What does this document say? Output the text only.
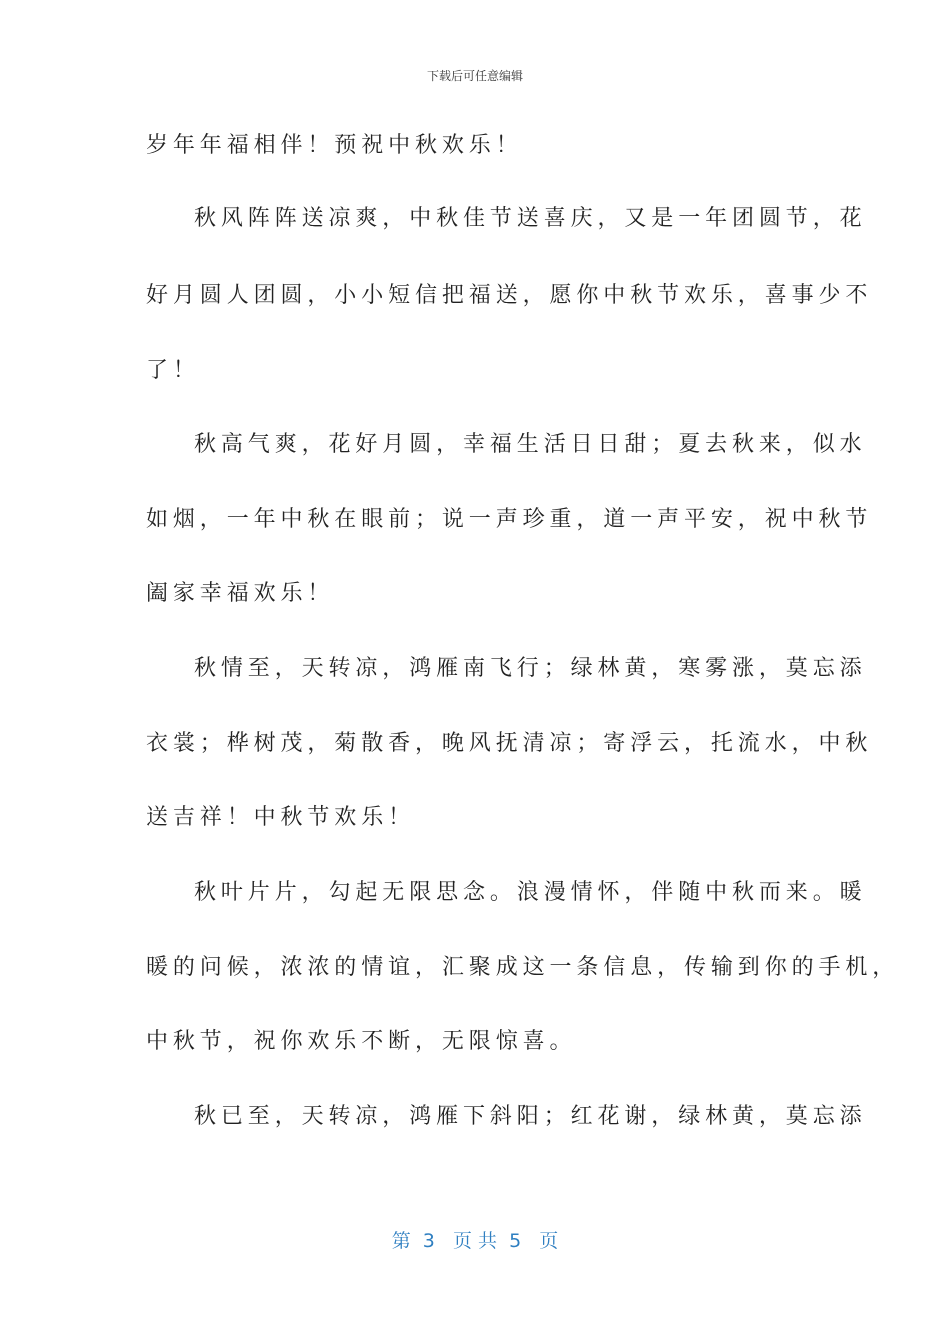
下载后可任意编辑
岁年年福相伴！预祝中秋欢乐！
秋风阵阵送凉爽，中秋佳节送喜庆，又是一年团圆节，花
好月圆人团圆，小小短信把福送，愿你中秋节欢乐，喜事少不
了！
秋高气爽，花好月圆，幸福生活日日甜；夏去秋来，似水
如烟，一年中秋在眼前；说一声珍重，道一声平安，祝中秋节
阖家幸福欢乐！
秋情至，天转凉，鸿雁南飞行；绿林黄，寒雾涨，莫忘添
衣裳；桦树茂，菊散香，晚风抚清凉；寄浮云，托流水，中秋
送吉祥！中秋节欢乐！
秋叶片片，勾起无限思念。浪漫情怀，伴随中秋而来。暖
暖的问候，浓浓的情谊，汇聚成这一条信息，传输到你的手机，
中秋节，祝你欢乐不断，无限惊喜。
秋已至，天转凉，鸿雁下斜阳；红花谢，绿林黄，莫忘添
第  3   页 共  5   页
